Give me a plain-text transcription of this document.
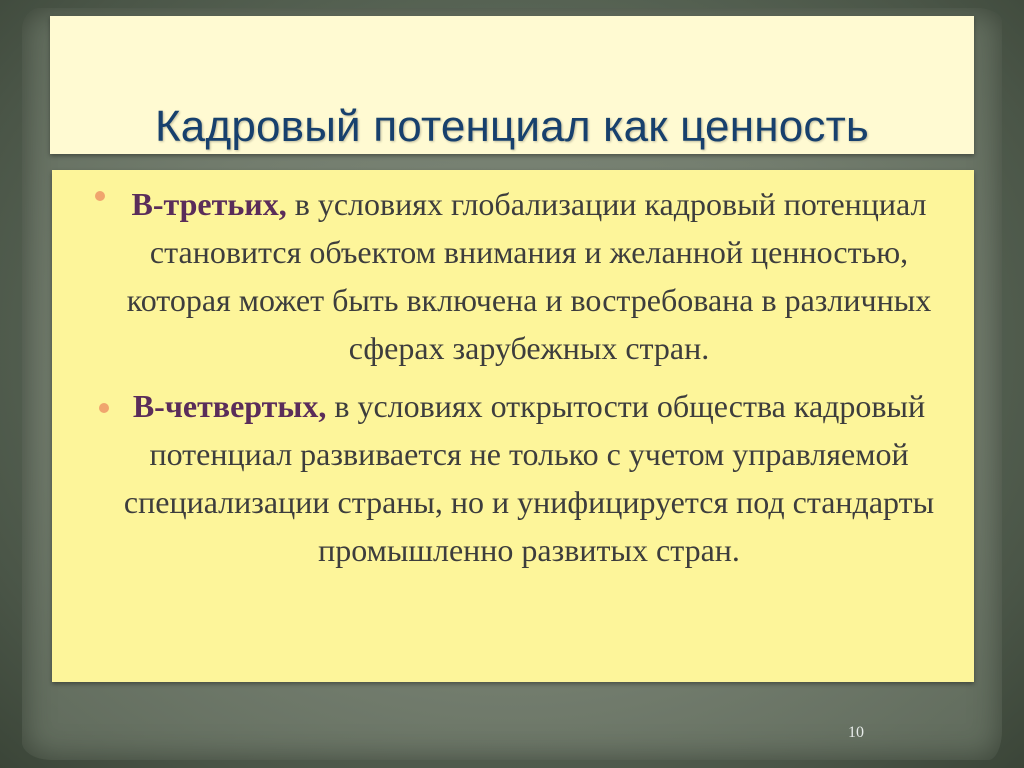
Кадровый потенциал как ценность
В-третьих, в условиях глобализации кадровый потенциал становится объектом внимания и желанной ценностью, которая может быть включена и востребована в различных сферах зарубежных стран.
В-четвертых, в условиях открытости общества кадровый потенциал развивается не только с учетом управляемой специализации страны, но и унифицируется под стандарты промышленно развитых стран.
10
